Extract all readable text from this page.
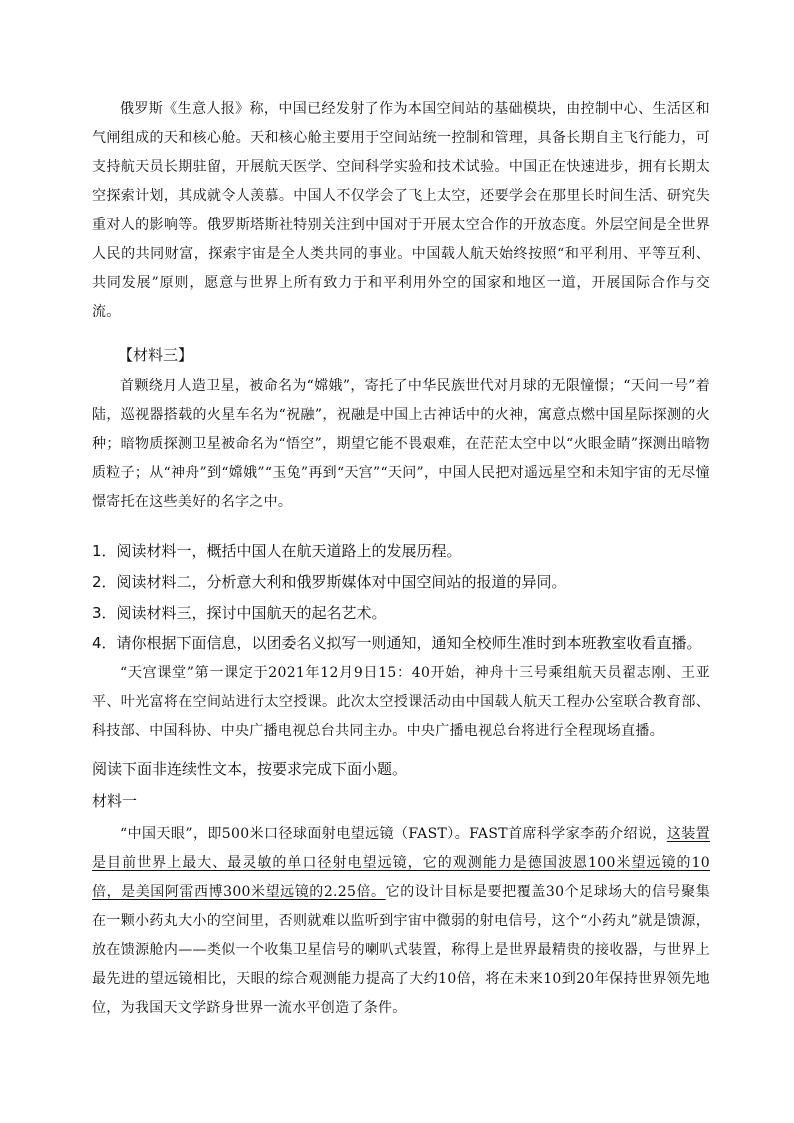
俄罗斯《生意人报》称，中国已经发射了作为本国空间站的基础模块，由控制中心、生活区和气闸组成的天和核心舱。天和核心舱主要用于空间站统一控制和管理，具备长期自主飞行能力，可支持航天员长期驻留，开展航天医学、空间科学实验和技术试验。中国正在快速进步，拥有长期太空探索计划，其成就令人羡慕。中国人不仅学会了飞上太空，还要学会在那里长时间生活、研究失重对人的影响等。俄罗斯塔斯社特别关注到中国对于开展太空合作的开放态度。外层空间是全世界人民的共同财富，探索宇宙是全人类共同的事业。中国载人航天始终按照“和平利用、平等互利、共同发展”原则，愿意与世界上所有致力于和平利用外空的国家和地区一道，开展国际合作与交流。

【材料三】

首颗绕月人造卫星，被命名为“嫦娥”，寄托了中华民族世代对月球的无限憧憬；“天问一号”着陆，巡视器搭载的火星车名为“祝融”，祝融是中国上古神话中的火神，寓意点燃中国星际探测的火种；暗物质探测卫星被命名为“悟空”，期望它能不畏艰难，在茫茫太空中以“火眼金睛”探测出暗物质粒子；从“神舟”到“嫦娥”“玉兔”再到“天宫”“天问”，中国人民把对遥远星空和未知宇宙的无尽憧憬寄托在这些美好的名字之中。

1．阅读材料一，概括中国人在航天道路上的发展历程。

2．阅读材料二，分析意大利和俄罗斯媒体对中国空间站的报道的异同。

3．阅读材料三，探讨中国航天的起名艺术。

4．请你根据下面信息，以团委名义拟写一则通知，通知全校师生准时到本班教室收看直播。

“天宫课堂”第一课定于2021年12月9日15：40开始，神舟十三号乘组航天员翟志刚、王亚平、叶光富将在空间站进行太空授课。此次太空授课活动由中国载人航天工程办公室联合教育部、科技部、中国科协、中央广播电视总台共同主办。中央广播电视总台将进行全程现场直播。

阅读下面非连续性文本，按要求完成下面小题。

材料一

“中国天眼”，即500米口径球面射电望远镜（FAST）。FAST首席科学家李菂介绍说，这装置是目前世界上最大、最灵敏的单口径射电望远镜，它的观测能力是德国波恩100米望远镜的10倍，是美国阿雷西博300米望远镜的2.25倍。它的设计目标是要把覆盖30个足球场大的信号聚集在一颗小药丸大小的空间里，否则就难以监听到宇宙中微弱的射电信号，这个“小药丸”就是馈源，放在馈源舱内——类似一个收集卫星信号的喇叭式装置，称得上是世界最精贵的接收器，与世界上最先进的望远镜相比，天眼的综合观测能力提高了大约10倍，将在未来10到20年保持世界领先地位，为我国天文学跻身世界一流水平创造了条件。
